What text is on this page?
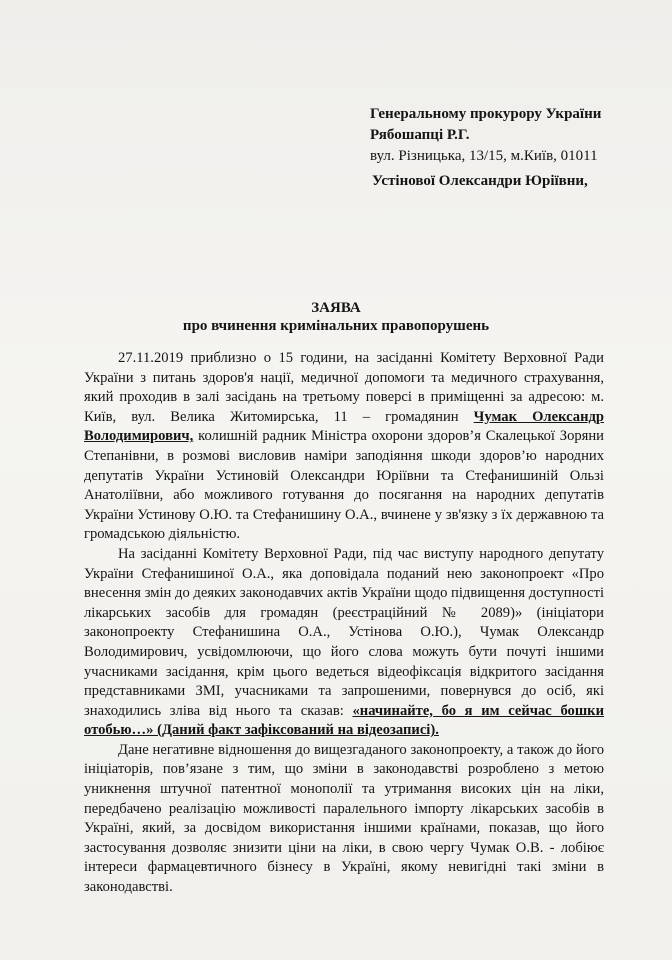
Генеральному прокурору України
Рябошапці Р.Г.
вул. Різницька, 13/15, м.Київ, 01011
Устінової Олександри Юріївни,
ЗАЯВА
про вчинення кримінальних правопорушень

27.11.2019 приблизно о 15 години, на засіданні Комітету Верховної Ради України з питань здоров'я нації, медичної допомоги та медичного страхування, який проходив в залі засідань на третьому поверсі в приміщенні за адресою: м. Київ, вул. Велика Житомирська, 11 – громадянин Чумак Олександр Володимирович, колишній радник Міністра охорони здоров’я Скалецької Зоряни Степанівни, в розмові висловив наміри заподіяння шкоди здоров’ю народних депутатів України Устиновій Олександри Юріївни та Стефанишиній Ользі Анатоліївни, або можливого готування до посягання на народних депутатів України Устинову О.Ю. та Стефанишину О.А., вчинене у зв'язку з їх державною та громадською діяльністю.

На засіданні Комітету Верховної Ради, під час виступу народного депутату України Стефанишиної О.А., яка доповідала поданий нею законопроект «Про внесення змін до деяких законодавчих актів України щодо підвищення доступності лікарських засобів для громадян (реєстраційний № 2089)» (ініціатори законопроекту Стефанишина О.А., Устінова О.Ю.), Чумак Олександр Володимирович, усвідомлюючи, що його слова можуть бути почуті іншими учасниками засідання, крім цього ведеться відеофіксація відкритого засідання представниками ЗМІ, учасниками та запрошеними, повернувся до осіб, які знаходились зліва від нього та сказав: «начинайте, бо я им сейчас бошки отобью…» (Даний факт зафіксований на відеозаписі).

Дане негативне відношення до вищезгаданого законопроекту, а також до його ініціаторів, пов’язане з тим, що зміни в законодавстві розроблено з метою уникнення штучної патентної монополії та утримання високих цін на ліки, передбачено реалізацію можливості паралельного імпорту лікарських засобів в Україні, який, за досвідом використання іншими країнами, показав, що його застосування дозволяє знизити ціни на ліки, в свою чергу Чумак О.В. - лобіює інтереси фармацевтичного бізнесу в Україні, якому невигідні такі зміни в законодавстві.
